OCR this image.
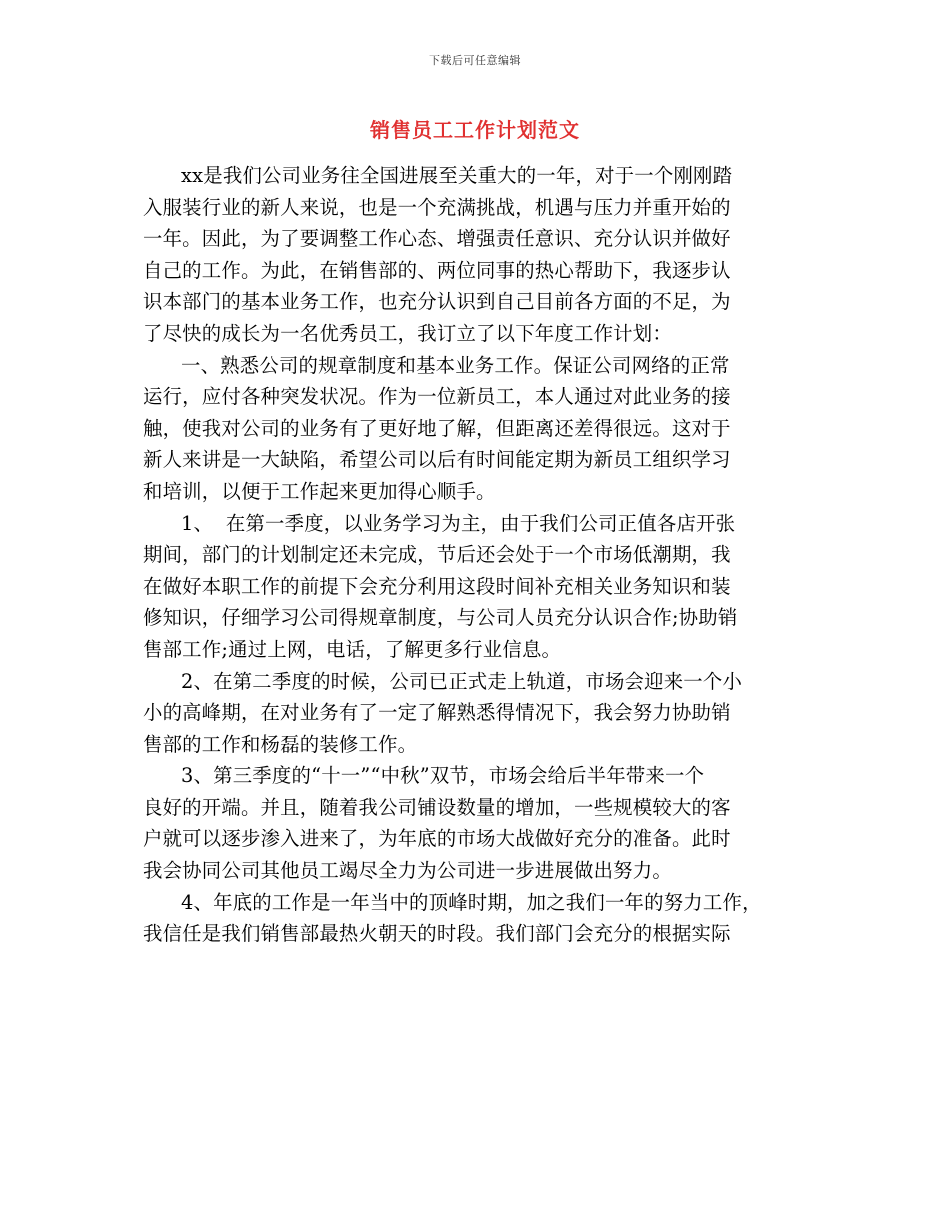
下载后可任意编辑
销售员工工作计划范文
xx是我们公司业务往全国进展至关重大的一年，对于一个刚刚踏
入服装行业的新人来说，也是一个充满挑战，机遇与压力并重开始的
一年。因此，为了要调整工作心态、增强责任意识、充分认识并做好
自己的工作。为此，在销售部的、两位同事的热心帮助下，我逐步认
识本部门的基本业务工作，也充分认识到自己目前各方面的不足，为
了尽快的成长为一名优秀员工，我订立了以下年度工作计划：
一、熟悉公司的规章制度和基本业务工作。保证公司网络的正常
运行，应付各种突发状况。作为一位新员工，本人通过对此业务的接
触，使我对公司的业务有了更好地了解，但距离还差得很远。这对于
新人来讲是一大缺陷，希望公司以后有时间能定期为新员工组织学习
和培训，以便于工作起来更加得心顺手。
1、  在第一季度，以业务学习为主，由于我们公司正值各店开张
期间，部门的计划制定还未完成，节后还会处于一个市场低潮期，我
在做好本职工作的前提下会充分利用这段时间补充相关业务知识和装
修知识，仔细学习公司得规章制度，与公司人员充分认识合作;协助销
售部工作;通过上网，电话，了解更多行业信息。
2、在第二季度的时候，公司已正式走上轨道，市场会迎来一个小
小的高峰期，在对业务有了一定了解熟悉得情况下，我会努力协助销
售部的工作和杨磊的装修工作。
3、第三季度的“十一”“中秋”双节，市场会给后半年带来一个
良好的开端。并且，随着我公司铺设数量的增加，一些规模较大的客
户就可以逐步渗入进来了，为年底的市场大战做好充分的准备。此时
我会协同公司其他员工竭尽全力为公司进一步进展做出努力。
4、年底的工作是一年当中的顶峰时期，加之我们一年的努力工作，
我信任是我们销售部最热火朝天的时段。我们部门会充分的根据实际
